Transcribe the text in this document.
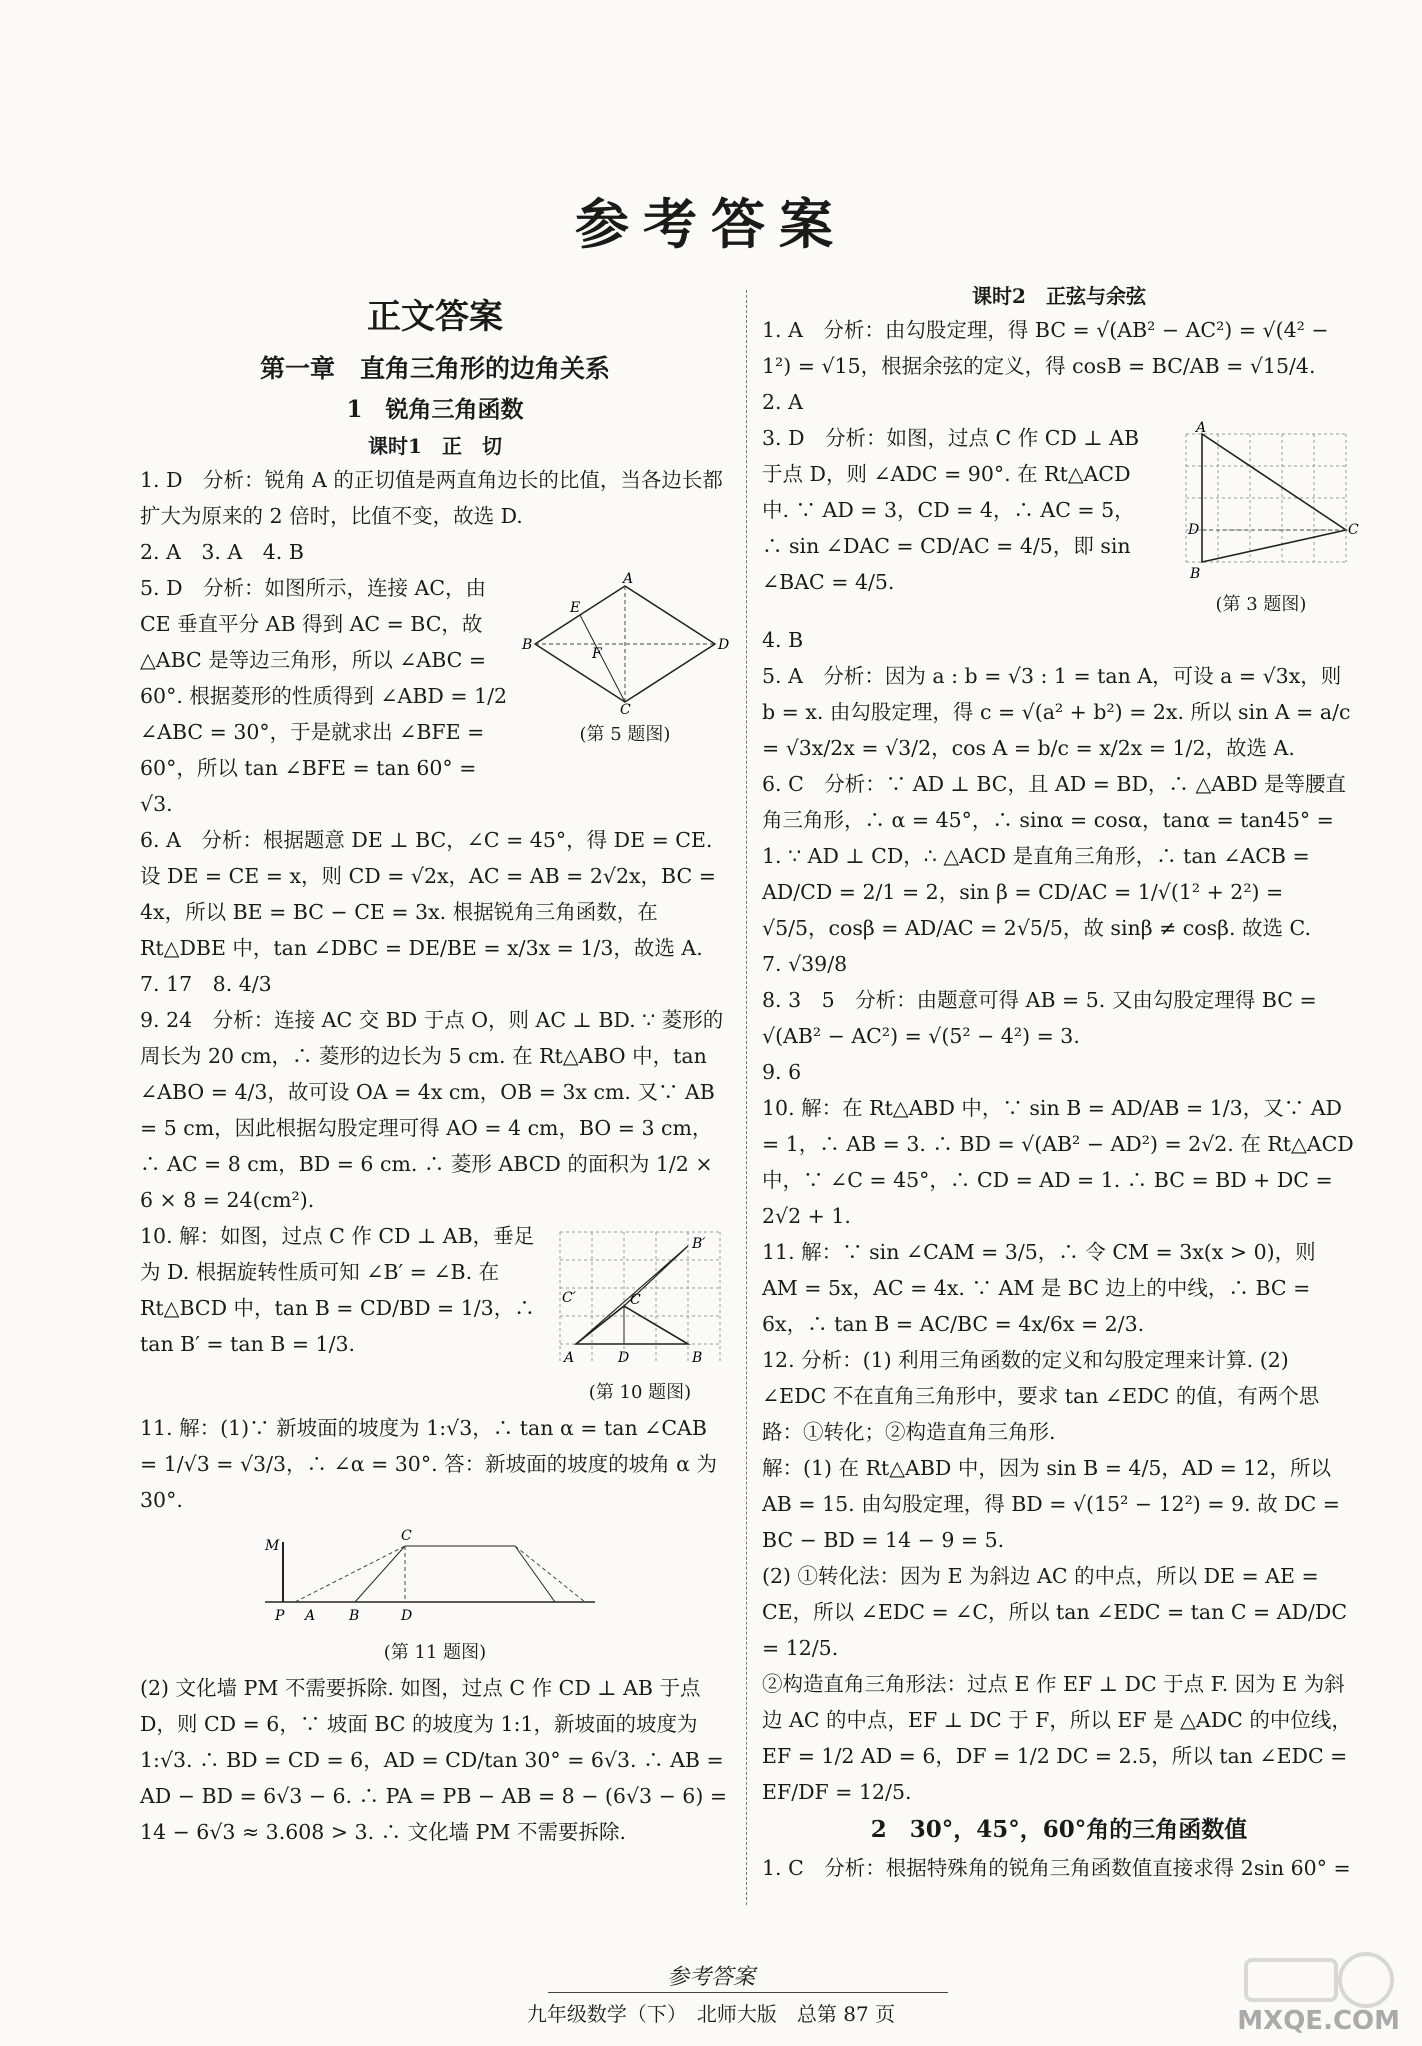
参考答案
正文答案
第一章　直角三角形的边角关系
1　锐角三角函数
课时1　正　切
1. D　分析：锐角 A 的正切值是两直角边长的比值，当各边长都扩大为原来的 2 倍时，比值不变，故选 D.
2. A　3. A　4. B
A
B	D
C
E
F
(第 5 题图)
5. D　分析：如图所示，连接 AC，由 CE 垂直平分 AB 得到 AC = BC，故 △ABC 是等边三角形，所以 ∠ABC = 60°. 根据菱形的性质得到 ∠ABD = 1/2 ∠ABC = 30°，于是就求出 ∠BFE = 60°，所以 tan ∠BFE = tan 60° = √3.
6. A　分析：根据题意 DE ⊥ BC，∠C = 45°，得 DE = CE. 设 DE = CE = x，则 CD = √2x，AC = AB = 2√2x，BC = 4x，所以 BE = BC − CE = 3x. 根据锐角三角函数，在 Rt△DBE 中，tan ∠DBC = DE/BE = x/3x = 1/3，故选 A.
7. 17　8. 4/3
9. 24　分析：连接 AC 交 BD 于点 O，则 AC ⊥ BD. ∵ 菱形的周长为 20 cm，∴ 菱形的边长为 5 cm. 在 Rt△ABO 中，tan ∠ABO = 4/3，故可设 OA = 4x cm，OB = 3x cm. 又∵ AB = 5 cm，因此根据勾股定理可得 AO = 4 cm，BO = 3 cm，∴ AC = 8 cm，BD = 6 cm. ∴ 菱形 ABCD 的面积为 1/2 × 6 × 8 = 24(cm²).
A	B
D
C
C′
B′
(第 10 题图)
10. 解：如图，过点 C 作 CD ⊥ AB，垂足为 D. 根据旋转性质可知 ∠B′ = ∠B. 在 Rt△BCD 中，tan B = CD/BD = 1/3，∴ tan B′ = tan B = 1/3.
11. 解：(1)∵ 新坡面的坡度为 1:√3，∴ tan α = tan ∠CAB = 1/√3 = √3/3，∴ ∠α = 30°. 答：新坡面的坡度的坡角 α 为 30°.
M
P A B
C
D
(第 11 题图)
(2) 文化墙 PM 不需要拆除. 如图，过点 C 作 CD ⊥ AB 于点 D，则 CD = 6，∵ 坡面 BC 的坡度为 1:1，新坡面的坡度为 1:√3. ∴ BD = CD = 6，AD = CD/tan 30° = 6√3. ∴ AB = AD − BD = 6√3 − 6. ∴ PA = PB − AB = 8 − (6√3 − 6) = 14 − 6√3 ≈ 3.608 > 3. ∴ 文化墙 PM 不需要拆除.
课时2　正弦与余弦
1. A　分析：由勾股定理，得 BC = √(AB² − AC²) = √(4² − 1²) = √15，根据余弦的定义，得 cosB = BC/AB = √15/4.
2. A
A
B
C
D
(第 3 题图)
3. D　分析：如图，过点 C 作 CD ⊥ AB 于点 D，则 ∠ADC = 90°. 在 Rt△ACD 中. ∵ AD = 3，CD = 4，∴ AC = 5，∴ sin ∠DAC = CD/AC = 4/5，即 sin ∠BAC = 4/5.
4. B
5. A　分析：因为 a : b = √3 : 1 = tan A，可设 a = √3x，则 b = x. 由勾股定理，得 c = √(a² + b²) = 2x. 所以 sin A = a/c = √3x/2x = √3/2，cos A = b/c = x/2x = 1/2，故选 A.
6. C　分析：∵ AD ⊥ BC，且 AD = BD，∴ △ABD 是等腰直角三角形，∴ α = 45°，∴ sinα = cosα，tanα = tan45° = 1. ∵ AD ⊥ CD，∴ △ACD 是直角三角形，∴ tan ∠ACB = AD/CD = 2/1 = 2，sin β = CD/AC = 1/√(1² + 2²) = √5/5，cosβ = AD/AC = 2√5/5，故 sinβ ≠ cosβ. 故选 C.
7. √39/8
8. 3　5　分析：由题意可得 AB = 5. 又由勾股定理得 BC = √(AB² − AC²) = √(5² − 4²) = 3.
9. 6
10. 解：在 Rt△ABD 中，∵ sin B = AD/AB = 1/3，又∵ AD = 1，∴ AB = 3. ∴ BD = √(AB² − AD²) = 2√2. 在 Rt△ACD 中，∵ ∠C = 45°，∴ CD = AD = 1. ∴ BC = BD + DC = 2√2 + 1.
11. 解：∵ sin ∠CAM = 3/5，∴ 令 CM = 3x(x > 0)，则 AM = 5x，AC = 4x. ∵ AM 是 BC 边上的中线，∴ BC = 6x，∴ tan B = AC/BC = 4x/6x = 2/3.
12. 分析：(1) 利用三角函数的定义和勾股定理来计算. (2) ∠EDC 不在直角三角形中，要求 tan ∠EDC 的值，有两个思路：①转化；②构造直角三角形.
解：(1) 在 Rt△ABD 中，因为 sin B = 4/5，AD = 12，所以 AB = 15. 由勾股定理，得 BD = √(15² − 12²) = 9. 故 DC = BC − BD = 14 − 9 = 5.
(2) ①转化法：因为 E 为斜边 AC 的中点，所以 DE = AE = CE，所以 ∠EDC = ∠C，所以 tan ∠EDC = tan C = AD/DC = 12/5.
②构造直角三角形法：过点 E 作 EF ⊥ DC 于点 F. 因为 E 为斜边 AC 的中点，EF ⊥ DC 于 F，所以 EF 是 △ADC 的中位线，EF = 1/2 AD = 6，DF = 1/2 DC = 2.5，所以 tan ∠EDC = EF/DF = 12/5.
2　30°，45°，60°角的三角函数值
1. C　分析：根据特殊角的锐角三角函数值直接求得 2sin 60° =
参考答案
九年级数学（下）　北师大版　总第 87 页	MXQE.COM
